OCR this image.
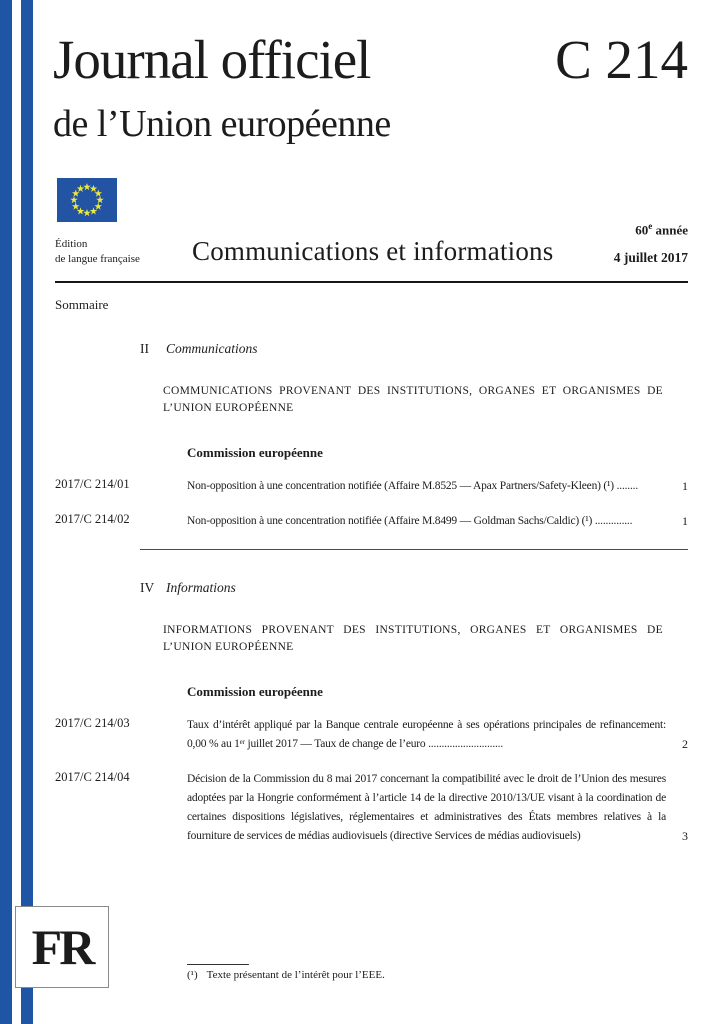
Journal officiel	C 214
de l’Union européenne
60e année
4 juillet 2017
Édition
de langue française Communications et informations
Sommaire
II	Communications
COMMUNICATIONS PROVENANT DES INSTITUTIONS, ORGANES ET ORGANISMES DE L’UNION EUROPÉENNE
Commission européenne
2017/C 214/01	Non-opposition à une concentration notifiée (Affaire M.8525 — Apax Partners/Safety-Kleen) (¹) ........	1
2017/C 214/02	Non-opposition à une concentration notifiée (Affaire M.8499 — Goldman Sachs/Caldic) (¹) ..............	1
IV Informations
INFORMATIONS PROVENANT DES INSTITUTIONS, ORGANES ET ORGANISMES DE L’UNION EUROPÉENNE
Commission européenne
2017/C 214/03	Taux d’intérêt appliqué par la Banque centrale européenne à ses opérations principales de refinancement: 0,00 % au 1ᵉʳ juillet 2017 — Taux de change de l’euro ............................	2
2017/C 214/04	Décision de la Commission du 8 mai 2017 concernant la compatibilité avec le droit de l’Union des mesures adoptées par la Hongrie conformément à l’article 14 de la directive 2010/13/UE visant à la coordination de certaines dispositions législatives, réglementaires et administratives des États membres relatives à la fourniture de services de médias audiovisuels (directive Services de médias audiovisuels)	3
FR	(¹) Texte présentant de l’intérêt pour l’EEE.
